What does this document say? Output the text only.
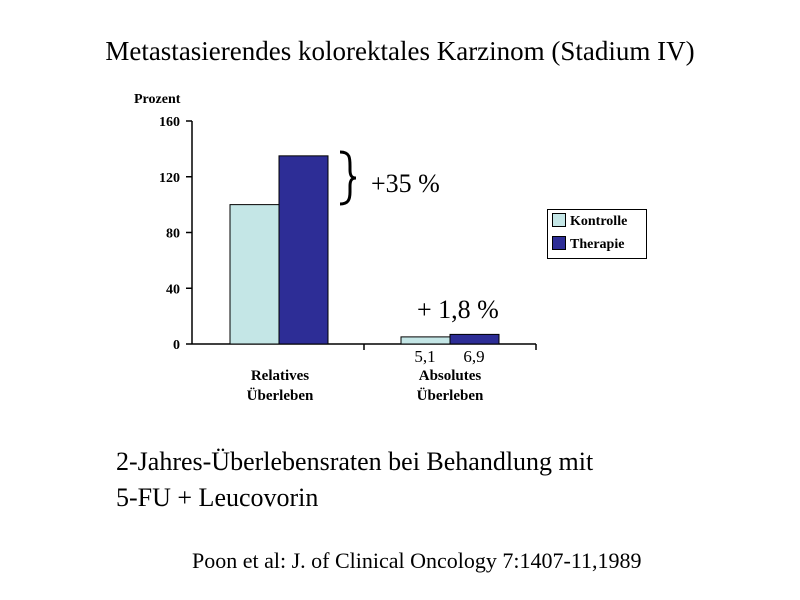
Metastasierendes kolorektales Karzinom (Stadium IV)
0
40
80
120
160
Prozent
Relatives
Überleben
Absolutes
Überleben
5,1 6,9
+35 %
+ 1,8 %
Kontrolle
Therapie
2-Jahres-Überlebensraten bei Behandlung mit
5-FU + Leucovorin
Poon et al: J. of Clinical Oncology 7:1407-11,1989
